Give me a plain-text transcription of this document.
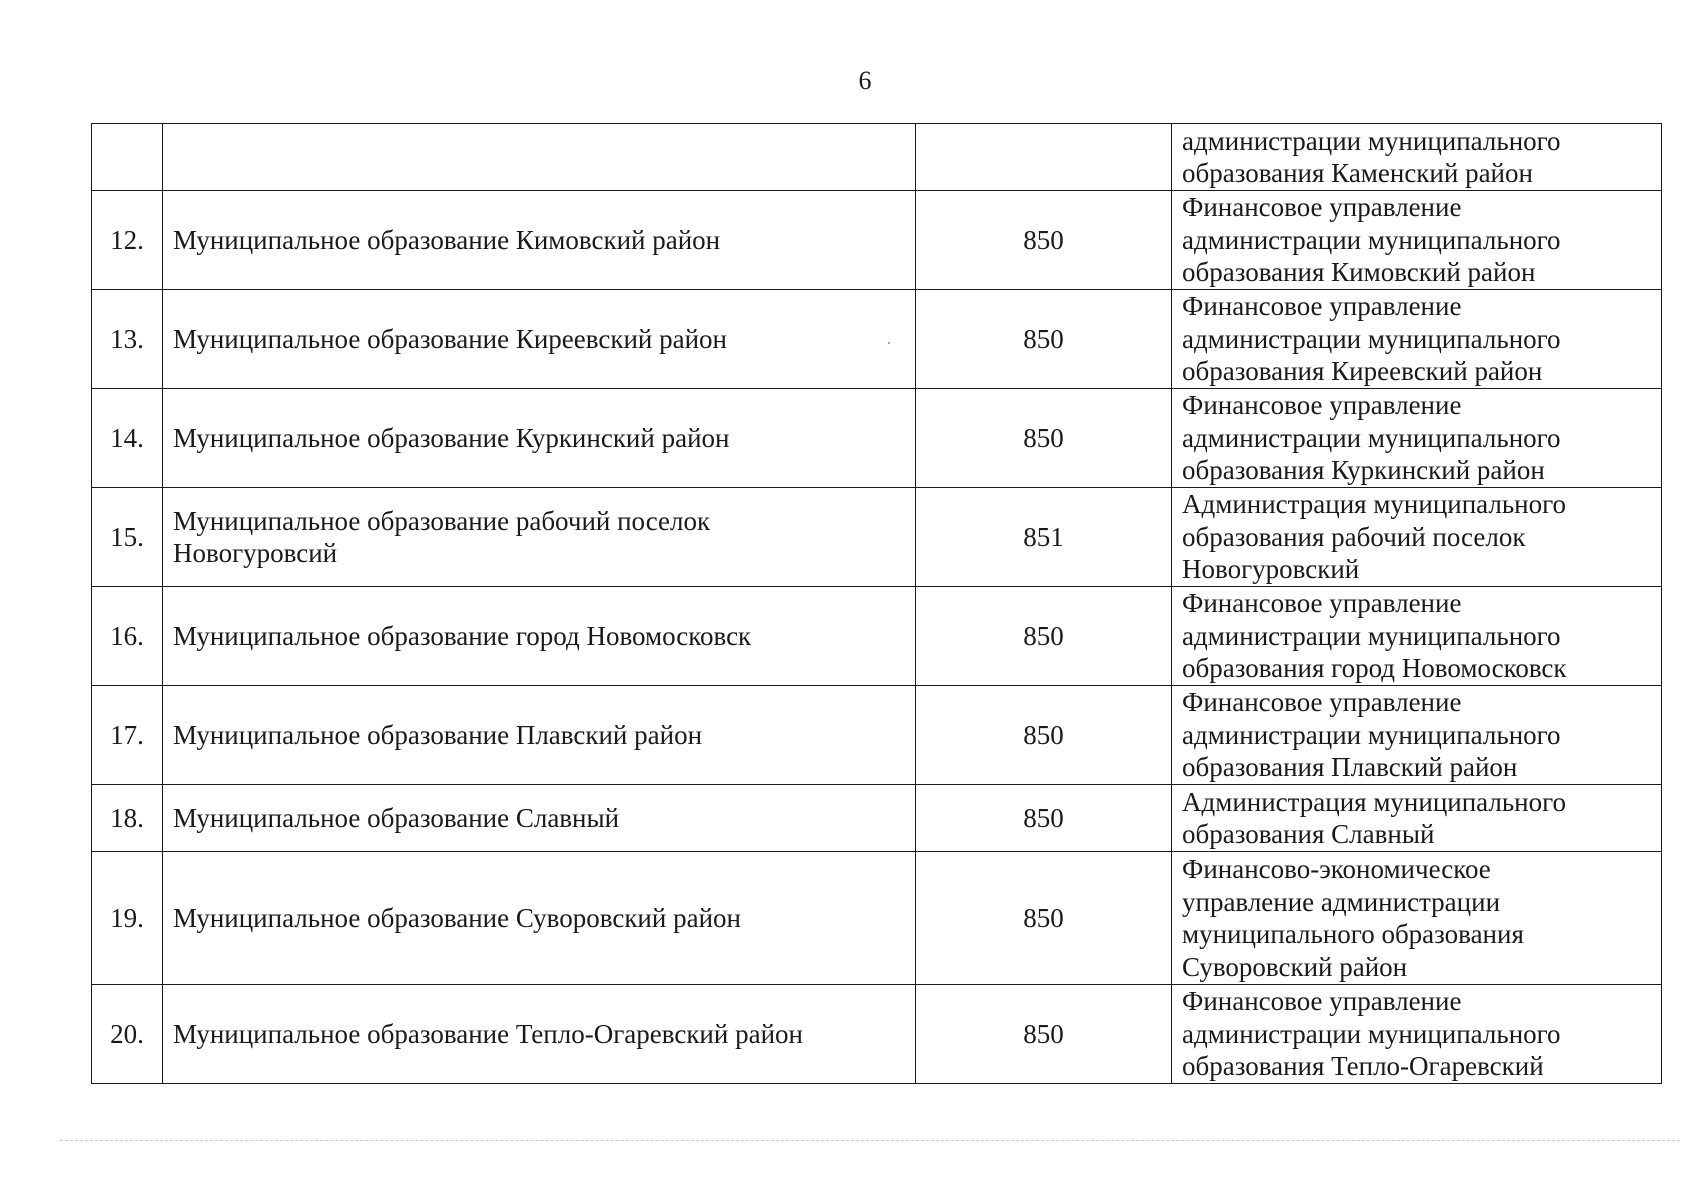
6
			администрации муниципального
образования Каменский район
12.	Муниципальное образование Кимовский район	850	Финансовое управление
администрации муниципального
образования Кимовский район
13.	Муниципальное образование Киреевский район	850	Финансовое управление
администрации муниципального
образования Киреевский район
14.	Муниципальное образование Куркинский район	850	Финансовое управление
администрации муниципального
образования Куркинский район
15.	Муниципальное образование рабочий поселок
Новогуровсий	851	Администрация муниципального
образования рабочий поселок
Новогуровский
16.	Муниципальное образование город Новомосковск	850	Финансовое управление
администрации муниципального
образования город Новомосковск
17.	Муниципальное образование Плавский район	850	Финансовое управление
администрации муниципального
образования Плавский район
18.	Муниципальное образование Славный	850	Администрация муниципального
образования Славный
19.	Муниципальное образование Суворовский район	850	Финансово-экономическое
управление администрации
муниципального образования
Суворовский район
20.	Муниципальное образование Тепло-Огаревский район	850	Финансовое управление
администрации муниципального
образования Тепло-Огаревский
